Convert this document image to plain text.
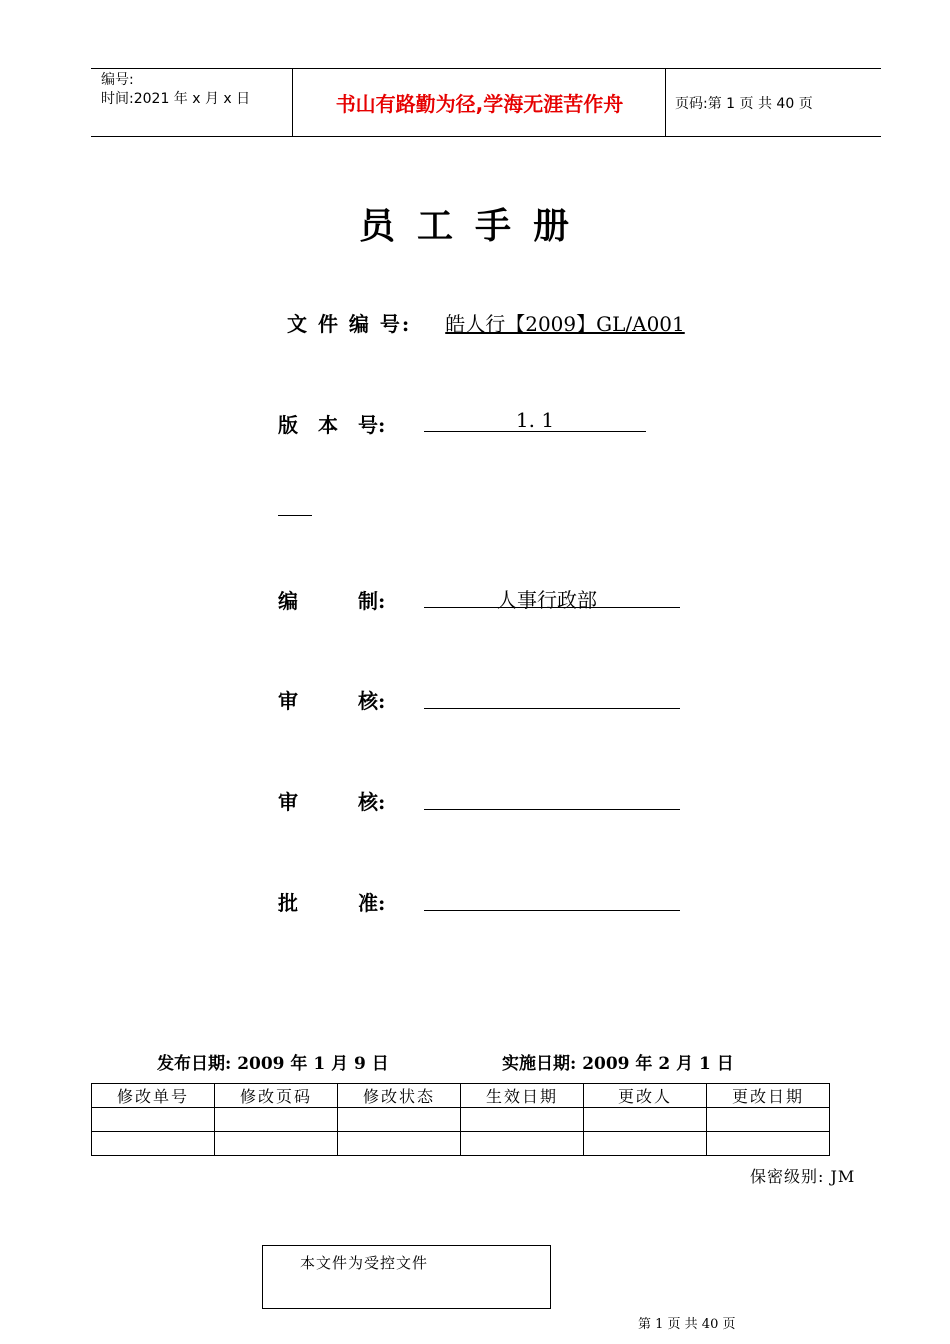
编号:
时间:2021 年 x 月 x 日	书山有路勤为径,学海无涯苦作舟	页码:第 1 页 共 40 页
员工手册
文 件 编 号: 皓人行【2009】GL/A001
版　本　号:	1. 1
编　　　制:	人事行政部
审　　　核:
审　　　核:
批　　　准:
发布日期: 2009 年 1 月 9 日	实施日期: 2009 年 2 月 1 日
修改单号	修改页码	修改状态	生效日期	更改人	更改日期

保密级别: JM
本文件为受控文件
第 1 页 共 40 页
